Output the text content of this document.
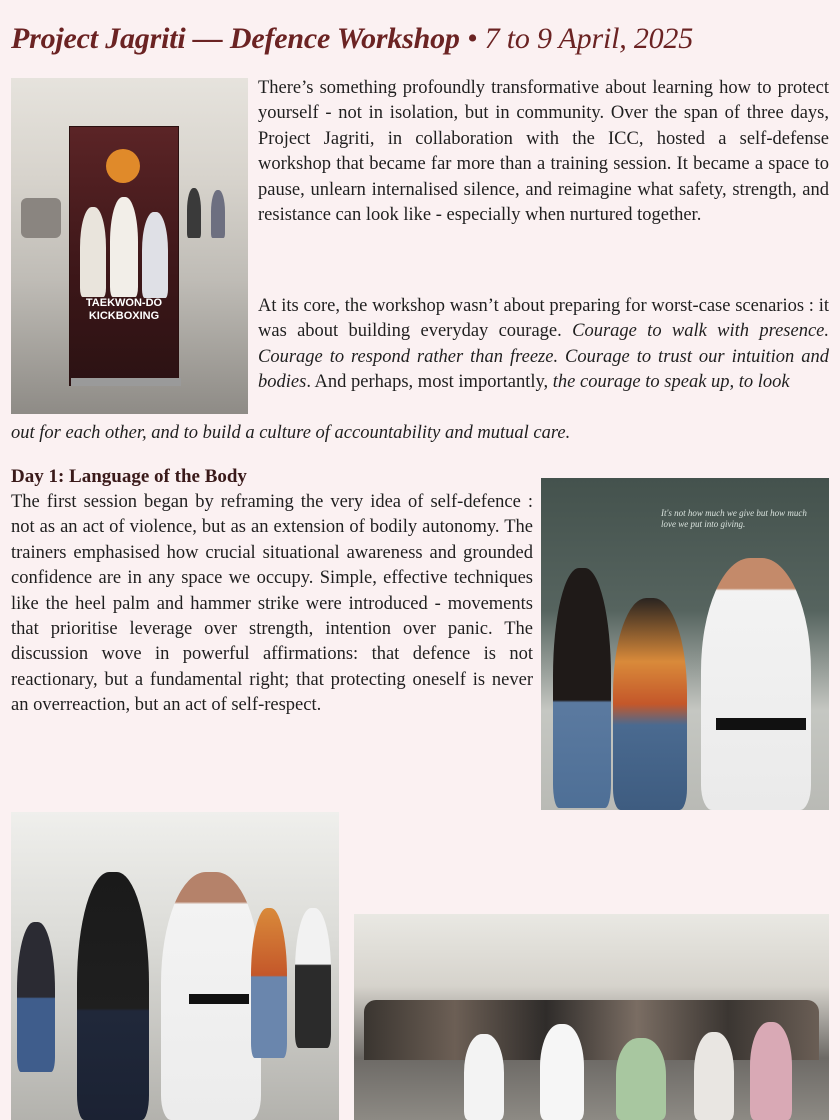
Project Jagriti — Defence Workshop • 7 to 9 April, 2025
TAEKWON-DO KICKBOXING
It's not how much we give but how much love we put into giving.
There’s something profoundly transformative about learning how to protect yourself - not in isolation, but in community. Over the span of three days, Project Jagriti, in collaboration with the ICC, hosted a self-defense workshop that became far more than a training session. It became a space to pause, unlearn internalised silence, and reimagine what safety, strength, and resistance can look like - especially when nurtured together.
At its core, the workshop wasn’t about preparing for worst-case scenarios : it was about building everyday courage. Courage to walk with presence. Courage to respond rather than freeze. Courage to trust our intuition and bodies. And perhaps, most importantly, the courage to speak up, to look
out for each other, and to build a culture of accountability and mutual care.
Day 1: Language of the Body
The first session began by reframing the very idea of self-defence : not as an act of violence, but as an extension of bodily autonomy. The trainers emphasised how crucial situational awareness and grounded confidence are in any space we occupy. Simple, effective techniques like the heel palm and hammer strike were introduced - movements that prioritise leverage over strength, intention over panic. The discussion wove in powerful affirmations: that defence is not reactionary, but a fundamental right; that protecting oneself is never an overreaction, but an act of self-respect.
